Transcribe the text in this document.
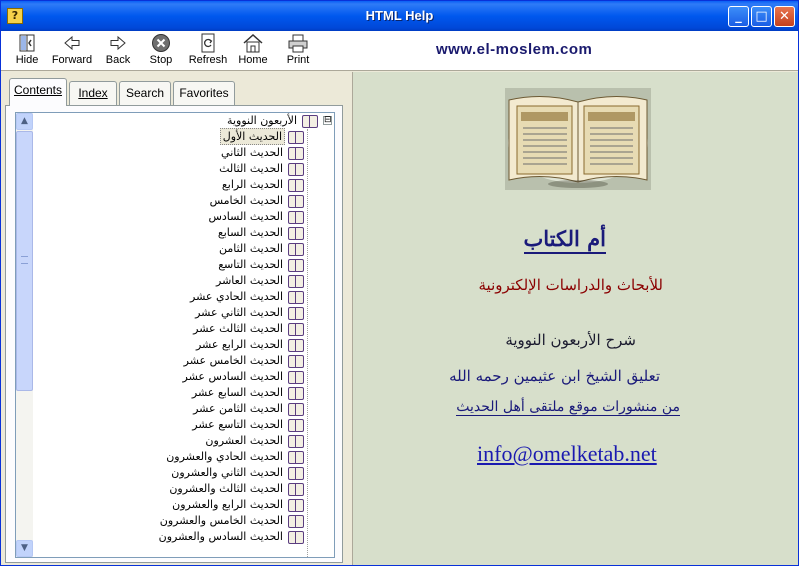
?	HTML Help	_	□ ✕
Hide	Forward	Back	Stop	Refresh Home	Print
www.el-moslem.com
Contents	Index	Search	Favorites
▲
▼
الأربعون النووية	⊟
الحديث الأول
الحديث الثاني
الحديث الثالث
الحديث الرابع
الحديث الخامس
الحديث السادس
الحديث السابع
الحديث الثامن
الحديث التاسع
الحديث العاشر
الحديث الحادي عشر
الحديث الثاني عشر
الحديث الثالث عشر
الحديث الرابع عشر
الحديث الخامس عشر
الحديث السادس عشر
الحديث السابع عشر
الحديث الثامن عشر
الحديث التاسع عشر
الحديث العشرون
الحديث الحادي والعشرون
الحديث الثاني والعشرون
الحديث الثالث والعشرون
الحديث الرابع والعشرون
الحديث الخامس والعشرون
الحديث السادس والعشرون
أم الكتاب
للأبحاث والدراسات الإلكترونية
شرح الأربعون النووية
تعليق الشيخ ابن عثيمين رحمه الله
من منشورات موقع ملتقى أهل الحديث
info@omelketab.net
